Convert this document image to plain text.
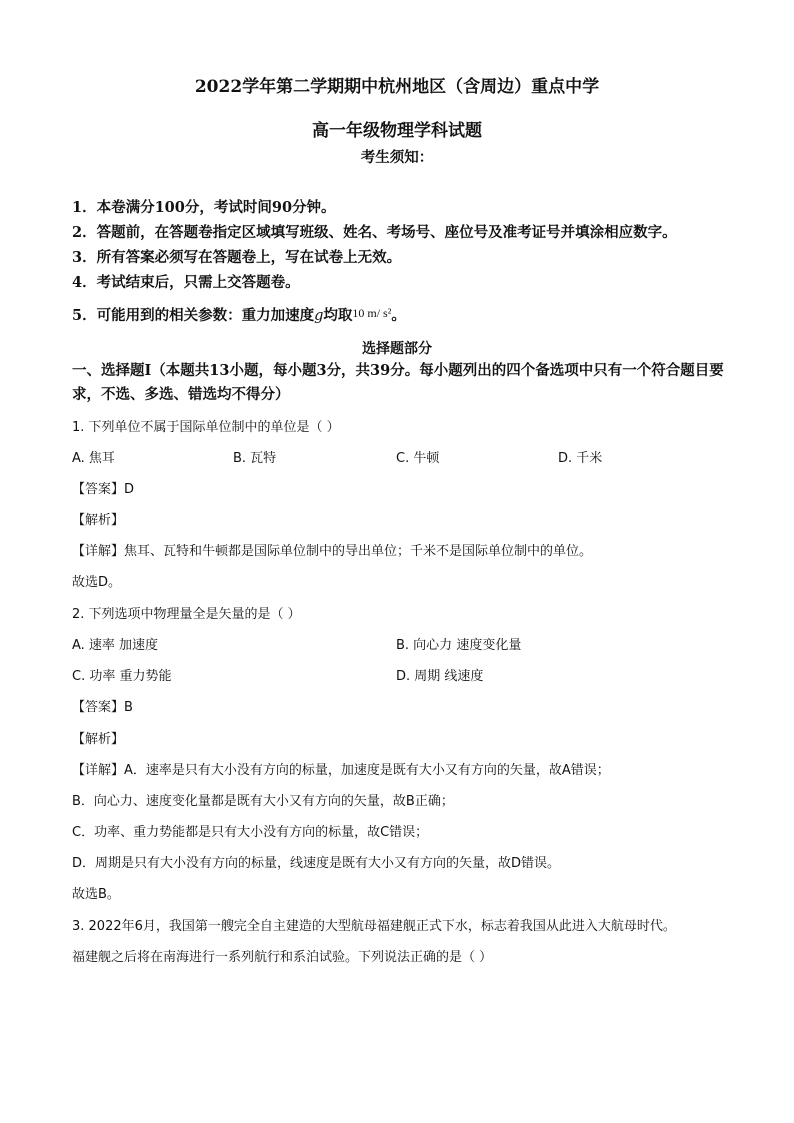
2022学年第二学期期中杭州地区（含周边）重点中学
高一年级物理学科试题
考生须知：
1．本卷满分100分，考试时间90分钟。
2．答题前，在答题卷指定区域填写班级、姓名、考场号、座位号及准考证号并填涂相应数字。
3．所有答案必须写在答题卷上，写在试卷上无效。
4．考试结束后，只需上交答题卷。
5．可能用到的相关参数：重力加速度g均取$^{10 m/ s^2}$。
选择题部分
一、选择题Ⅰ（本题共13小题，每小题3分，共39分。每小题列出的四个备选项中只有一个符合题目要求，不选、多选、错选均不得分）
1. 下列单位不属于国际单位制中的单位是（ ）
A. 焦耳	B. 瓦特	C. 牛顿	D. 千米
【答案】D
【解析】
【详解】焦耳、瓦特和牛顿都是国际单位制中的导出单位；千米不是国际单位制中的单位。
故选D。
2. 下列选项中物理量全是矢量的是（ ）
A. 速率 加速度	B. 向心力 速度变化量
C. 功率 重力势能	D. 周期 线速度
【答案】B
【解析】
【详解】A．速率是只有大小没有方向的标量，加速度是既有大小又有方向的矢量，故A错误；
B．向心力、速度变化量都是既有大小又有方向的矢量，故B正确；
C．功率、重力势能都是只有大小没有方向的标量，故C错误；
D．周期是只有大小没有方向的标量，线速度是既有大小又有方向的矢量，故D错误。
故选B。
3. 2022年6月，我国第一艘完全自主建造的大型航母福建舰正式下水，标志着我国从此进入大航母时代。
福建舰之后将在南海进行一系列航行和系泊试验。下列说法正确的是（ ）
